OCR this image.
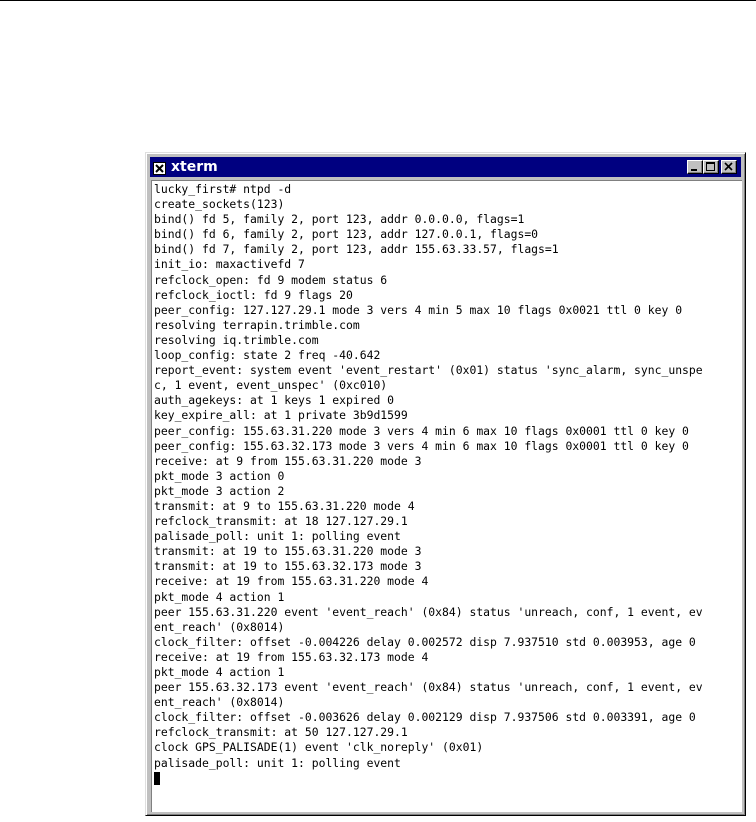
xterm
lucky_first# ntpd -d
create_sockets(123)
bind() fd 5, family 2, port 123, addr 0.0.0.0, flags=1
bind() fd 6, family 2, port 123, addr 127.0.0.1, flags=0
bind() fd 7, family 2, port 123, addr 155.63.33.57, flags=1
init_io: maxactivefd 7
refclock_open: fd 9 modem status 6
refclock_ioctl: fd 9 flags 20
peer_config: 127.127.29.1 mode 3 vers 4 min 5 max 10 flags 0x0021 ttl 0 key 0
resolving terrapin.trimble.com
resolving iq.trimble.com
loop_config: state 2 freq -40.642
report_event: system event 'event_restart' (0x01) status 'sync_alarm, sync_unspe
c, 1 event, event_unspec' (0xc010)
auth_agekeys: at 1 keys 1 expired 0
key_expire_all: at 1 private 3b9d1599
peer_config: 155.63.31.220 mode 3 vers 4 min 6 max 10 flags 0x0001 ttl 0 key 0
peer_config: 155.63.32.173 mode 3 vers 4 min 6 max 10 flags 0x0001 ttl 0 key 0
receive: at 9 from 155.63.31.220 mode 3
pkt_mode 3 action 0
pkt_mode 3 action 2
transmit: at 9 to 155.63.31.220 mode 4
refclock_transmit: at 18 127.127.29.1
palisade_poll: unit 1: polling event
transmit: at 19 to 155.63.31.220 mode 3
transmit: at 19 to 155.63.32.173 mode 3
receive: at 19 from 155.63.31.220 mode 4
pkt_mode 4 action 1
peer 155.63.31.220 event 'event_reach' (0x84) status 'unreach, conf, 1 event, ev
ent_reach' (0x8014)
clock_filter: offset -0.004226 delay 0.002572 disp 7.937510 std 0.003953, age 0
receive: at 19 from 155.63.32.173 mode 4
pkt_mode 4 action 1
peer 155.63.32.173 event 'event_reach' (0x84) status 'unreach, conf, 1 event, ev
ent_reach' (0x8014)
clock_filter: offset -0.003626 delay 0.002129 disp 7.937506 std 0.003391, age 0
refclock_transmit: at 50 127.127.29.1
clock GPS_PALISADE(1) event 'clk_noreply' (0x01)
palisade_poll: unit 1: polling event
